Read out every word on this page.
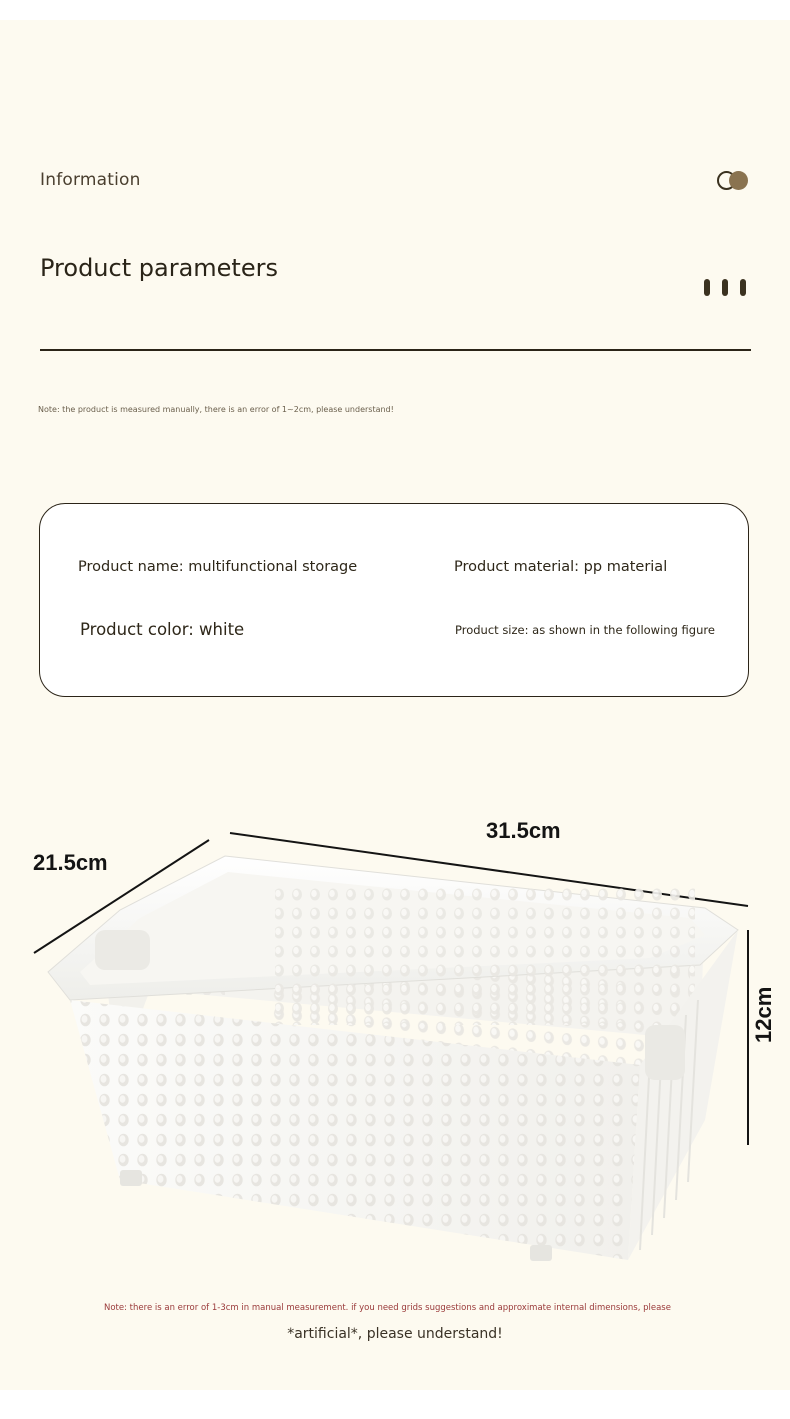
Information
Product parameters
Note: the product is measured manually, there is an error of 1~2cm, please understand!
Product name: multifunctional storage	Product material: pp material
Product color: white	Product size: as shown in the following figure
31.5cm
21.5cm
12cm
Note: there is an error of 1-3cm in manual measurement. if you need grids suggestions and approximate internal dimensions, please
*artificial*, please understand!
